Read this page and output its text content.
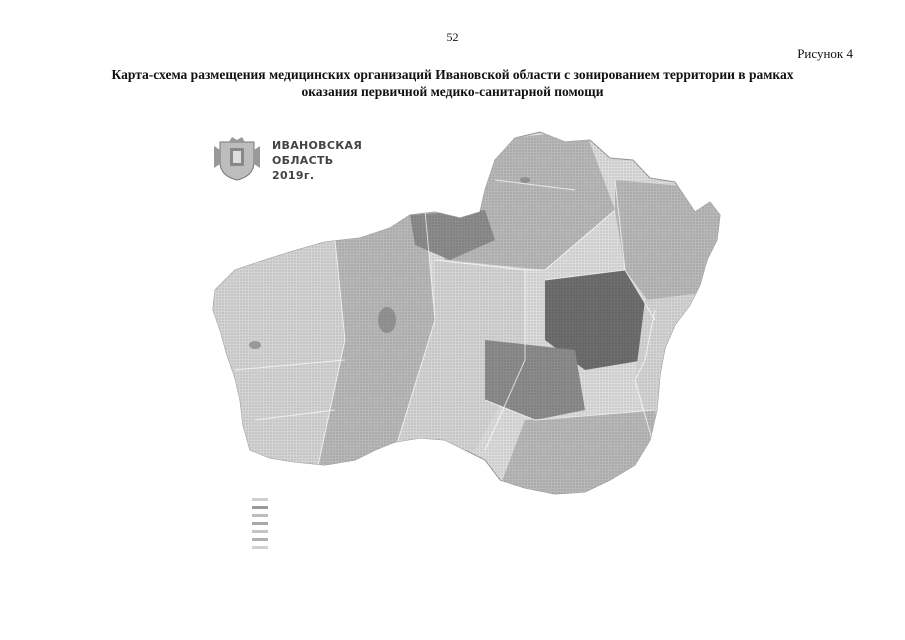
52
Рисунок 4
Карта-схема размещения медицинских организаций Ивановской области с зонированием территории в рамках
оказания первичной медико-санитарной помощи
ИВАНОВСКАЯ
ОБЛАСТЬ
2019г.
